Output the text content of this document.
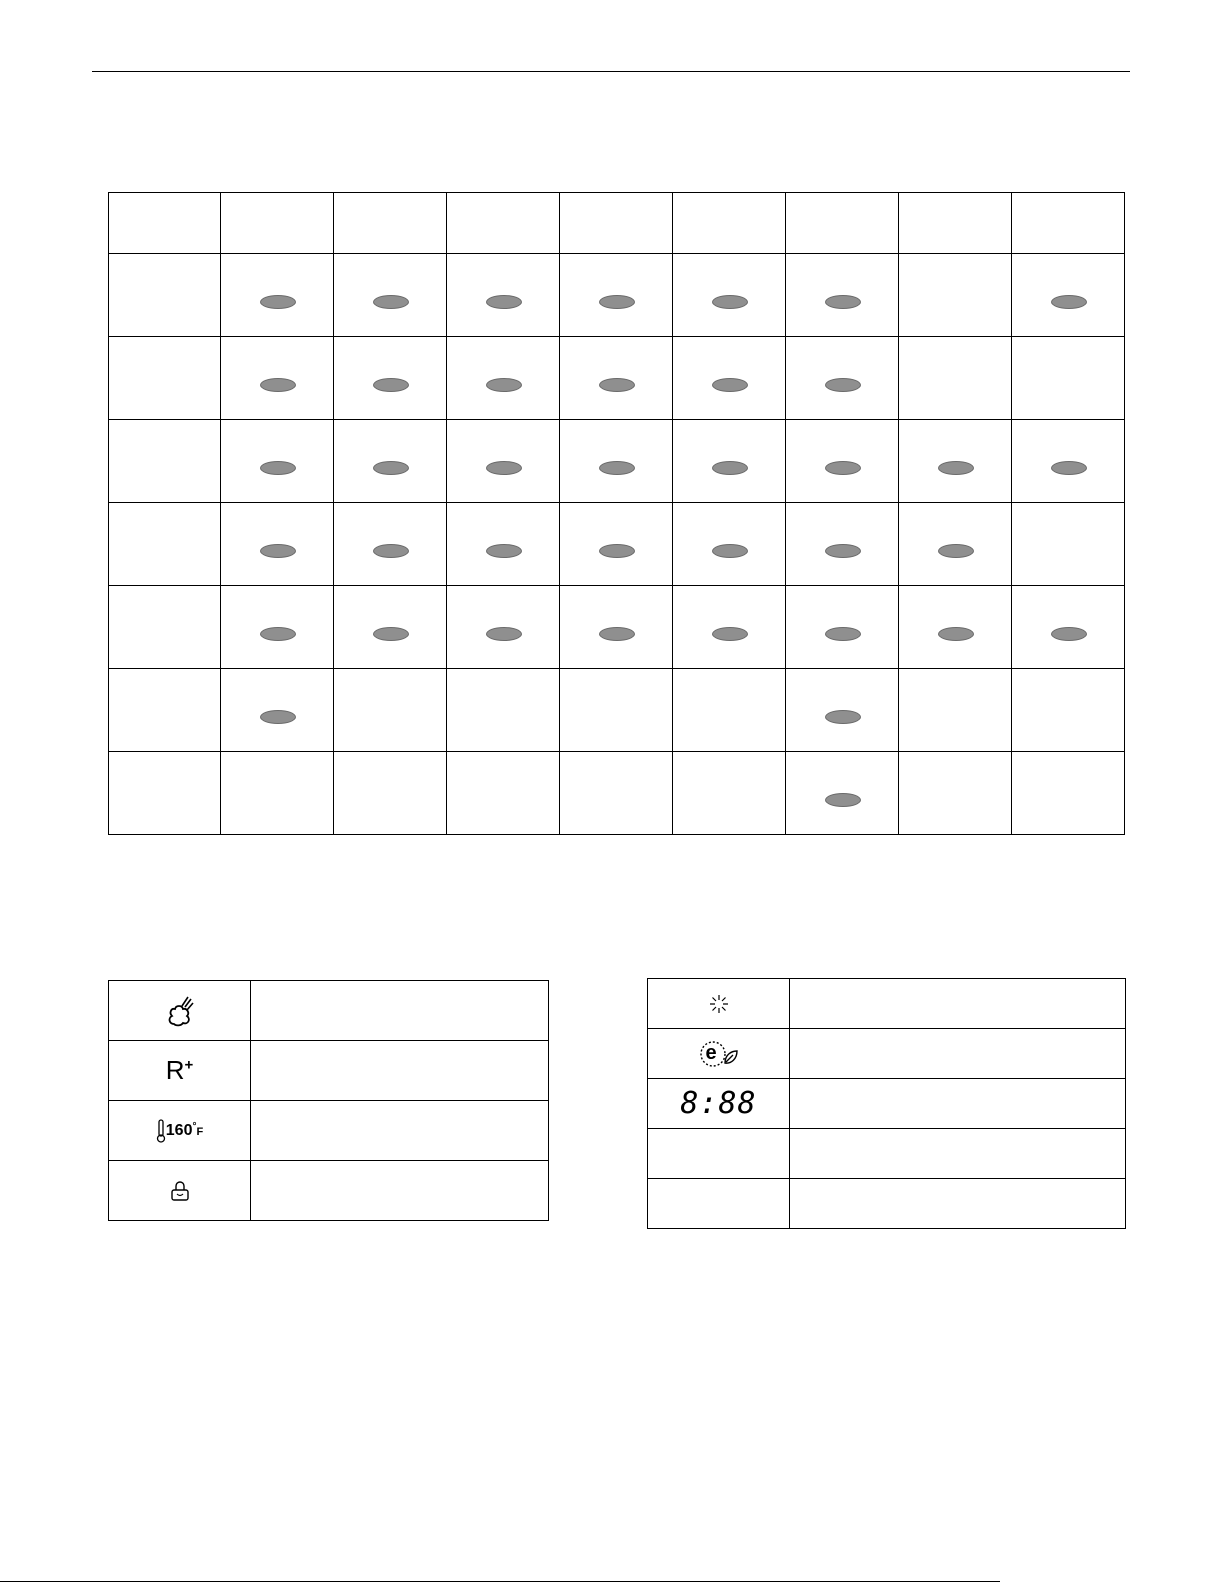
R+	
160°F	

e	

8:88	
